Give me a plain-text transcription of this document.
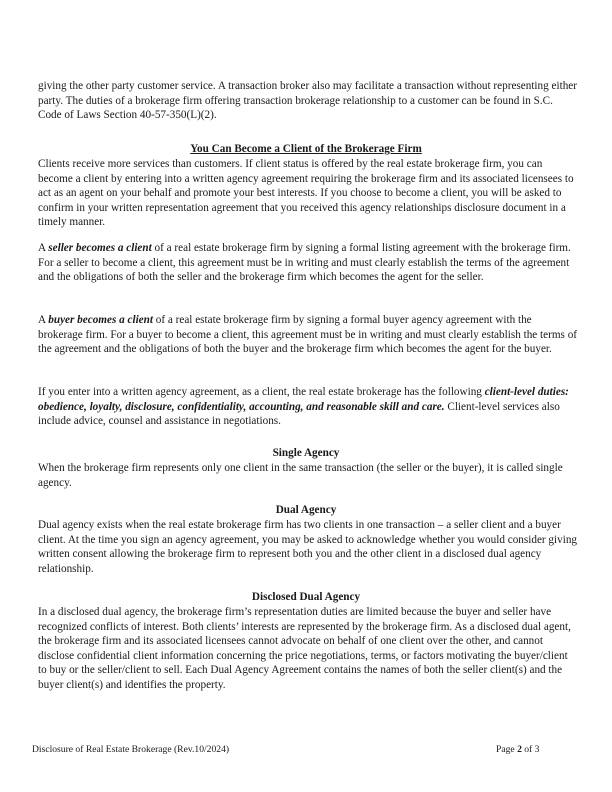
giving the other party customer service. A transaction broker also may facilitate a transaction without representing either party. The duties of a brokerage firm offering transaction brokerage relationship to a customer can be found in S.C. Code of Laws Section 40-57-350(L)(2).

You Can Become a Client of the Brokerage Firm

Clients receive more services than customers. If client status is offered by the real estate brokerage firm, you can become a client by entering into a written agency agreement requiring the brokerage firm and its associated licensees to act as an agent on your behalf and promote your best interests. If you choose to become a client, you will be asked to confirm in your written representation agreement that you received this agency relationships disclosure document in a timely manner.

A seller becomes a client of a real estate brokerage firm by signing a formal listing agreement with the brokerage firm. For a seller to become a client, this agreement must be in writing and must clearly establish the terms of the agreement and the obligations of both the seller and the brokerage firm which becomes the agent for the seller.

A buyer becomes a client of a real estate brokerage firm by signing a formal buyer agency agreement with the brokerage firm. For a buyer to become a client, this agreement must be in writing and must clearly establish the terms of the agreement and the obligations of both the buyer and the brokerage firm which becomes the agent for the buyer.

If you enter into a written agency agreement, as a client, the real estate brokerage has the following client-level duties: obedience, loyalty, disclosure, confidentiality, accounting, and reasonable skill and care. Client-level services also include advice, counsel and assistance in negotiations.

Single Agency

When the brokerage firm represents only one client in the same transaction (the seller or the buyer), it is called single agency.

Dual Agency

Dual agency exists when the real estate brokerage firm has two clients in one transaction – a seller client and a buyer client. At the time you sign an agency agreement, you may be asked to acknowledge whether you would consider giving written consent allowing the brokerage firm to represent both you and the other client in a disclosed dual agency relationship.

Disclosed Dual Agency

In a disclosed dual agency, the brokerage firm’s representation duties are limited because the buyer and seller have recognized conflicts of interest. Both clients’ interests are represented by the brokerage firm. As a disclosed dual agent, the brokerage firm and its associated licensees cannot advocate on behalf of one client over the other, and cannot disclose confidential client information concerning the price negotiations, terms, or factors motivating the buyer/client to buy or the seller/client to sell. Each Dual Agency Agreement contains the names of both the seller client(s) and the buyer client(s) and identifies the property.

Disclosure of Real Estate Brokerage (Rev.10/2024)	Page 2 of 3
